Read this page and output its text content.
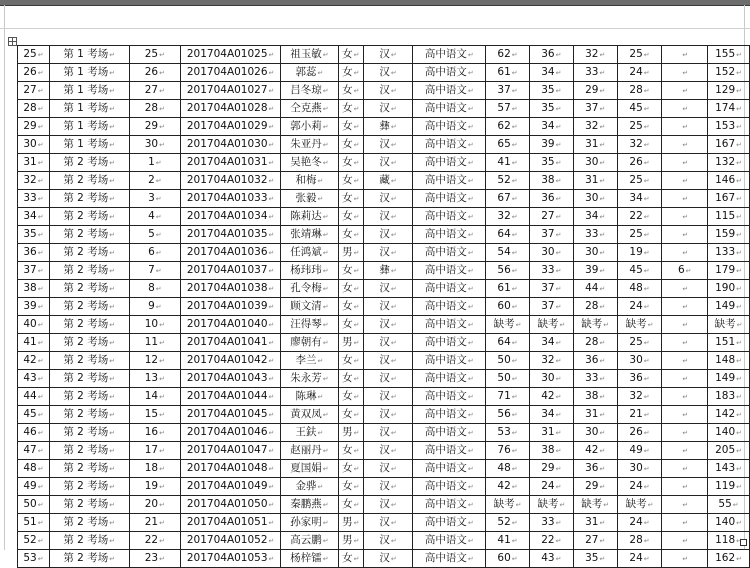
25 ↵	第 1 考场 ↵	25 ↵	201704A01025 ↵	祖玉敏 ↵	女 ↵	汉 ↵	高中语文 ↵	62 ↵	36 ↵	32 ↵	25 ↵	↵	155 ↵
26 ↵	第 1 考场 ↵	26 ↵	201704A01026 ↵	郭蕊 ↵	女 ↵	汉 ↵	高中语文 ↵	61 ↵	34 ↵	33 ↵	24 ↵	↵	152 ↵
27 ↵	第 1 考场 ↵	27 ↵	201704A01027 ↵	吕冬琼 ↵	女 ↵	汉 ↵	高中语文 ↵	37 ↵	35 ↵	29 ↵	28 ↵	↵	129 ↵
28 ↵	第 1 考场 ↵	28 ↵	201704A01028 ↵	仝克燕 ↵	女 ↵	汉 ↵	高中语文 ↵	57 ↵	35 ↵	37 ↵	45 ↵	↵	174 ↵
29 ↵	第 1 考场 ↵	29 ↵	201704A01029 ↵	郭小莉 ↵	女 ↵	彝 ↵	高中语文 ↵	62 ↵	34 ↵	32 ↵	25 ↵	↵	153 ↵
30 ↵	第 1 考场 ↵	30 ↵	201704A01030 ↵	朱亚丹 ↵	女 ↵	汉 ↵	高中语文 ↵	65 ↵	39 ↵	31 ↵	32 ↵	↵	167 ↵
31 ↵	第 2 考场 ↵	1 ↵	201704A01031 ↵	吴艳冬 ↵	女 ↵	汉 ↵	高中语文 ↵	41 ↵	35 ↵	30 ↵	26 ↵	↵	132 ↵
32 ↵	第 2 考场 ↵	2 ↵	201704A01032 ↵	和梅 ↵	女 ↵	藏 ↵	高中语文 ↵	52 ↵	38 ↵	31 ↵	25 ↵	↵	146 ↵
33 ↵	第 2 考场 ↵	3 ↵	201704A01033 ↵	张毅 ↵	女 ↵	汉 ↵	高中语文 ↵	67 ↵	36 ↵	30 ↵	34 ↵	↵	167 ↵
34 ↵	第 2 考场 ↵	4 ↵	201704A01034 ↵	陈莉达 ↵	女 ↵	汉 ↵	高中语文 ↵	32 ↵	27 ↵	34 ↵	22 ↵	↵	115 ↵
35 ↵	第 2 考场 ↵	5 ↵	201704A01035 ↵	张靖琳 ↵	女 ↵	汉 ↵	高中语文 ↵	64 ↵	37 ↵	33 ↵	25 ↵	↵	159 ↵
36 ↵	第 2 考场 ↵	6 ↵	201704A01036 ↵	任鸿斌 ↵	男 ↵	汉 ↵	高中语文 ↵	54 ↵	30 ↵	30 ↵	19 ↵	↵	133 ↵
37 ↵	第 2 考场 ↵	7 ↵	201704A01037 ↵	杨玮玮 ↵	女 ↵	彝 ↵	高中语文 ↵	56 ↵	33 ↵	39 ↵	45 ↵	6 ↵	179 ↵
38 ↵	第 2 考场 ↵	8 ↵	201704A01038 ↵	孔令梅 ↵	女 ↵	汉 ↵	高中语文 ↵	61 ↵	37 ↵	44 ↵	48 ↵	↵	190 ↵
39 ↵	第 2 考场 ↵	9 ↵	201704A01039 ↵	顾文清 ↵	女 ↵	汉 ↵	高中语文 ↵	60 ↵	37 ↵	28 ↵	24 ↵	↵	149 ↵
40 ↵	第 2 考场 ↵	10 ↵	201704A01040 ↵	汪得琴 ↵	女 ↵	汉 ↵	高中语文 ↵	缺考 ↵	缺考 ↵	缺考 ↵	缺考 ↵	↵	缺考 ↵
41 ↵	第 2 考场 ↵	11 ↵	201704A01041 ↵	廖朝有 ↵	男 ↵	汉 ↵	高中语文 ↵	64 ↵	34 ↵	28 ↵	25 ↵	↵	151 ↵
42 ↵	第 2 考场 ↵	12 ↵	201704A01042 ↵	李兰 ↵	女 ↵	汉 ↵	高中语文 ↵	50 ↵	32 ↵	36 ↵	30 ↵	↵	148 ↵
43 ↵	第 2 考场 ↵	13 ↵	201704A01043 ↵	朱永芳 ↵	女 ↵	汉 ↵	高中语文 ↵	50 ↵	30 ↵	33 ↵	36 ↵	↵	149 ↵
44 ↵	第 2 考场 ↵	14 ↵	201704A01044 ↵	陈琳 ↵	女 ↵	汉 ↵	高中语文 ↵	71 ↵	42 ↵	38 ↵	32 ↵	↵	183 ↵
45 ↵	第 2 考场 ↵	15 ↵	201704A01045 ↵	黄双凤 ↵	女 ↵	汉 ↵	高中语文 ↵	56 ↵	34 ↵	31 ↵	21 ↵	↵	142 ↵
46 ↵	第 2 考场 ↵	16 ↵	201704A01046 ↵	王鈇 ↵	男 ↵	汉 ↵	高中语文 ↵	53 ↵	31 ↵	30 ↵	26 ↵	↵	140 ↵
47 ↵	第 2 考场 ↵	17 ↵	201704A01047 ↵	赵丽丹 ↵	女 ↵	汉 ↵	高中语文 ↵	76 ↵	38 ↵	42 ↵	49 ↵	↵	205 ↵
48 ↵	第 2 考场 ↵	18 ↵	201704A01048 ↵	夏国娟 ↵	女 ↵	汉 ↵	高中语文 ↵	48 ↵	29 ↵	36 ↵	30 ↵	↵	143 ↵
49 ↵	第 2 考场 ↵	19 ↵	201704A01049 ↵	金骅 ↵	女 ↵	汉 ↵	高中语文 ↵	42 ↵	24 ↵	29 ↵	24 ↵	↵	119 ↵
50 ↵	第 2 考场 ↵	20 ↵	201704A01050 ↵	秦鹏燕 ↵	女 ↵	汉 ↵	高中语文 ↵	缺考 ↵	缺考 ↵	缺考 ↵	缺考 ↵	↵	55 ↵
51 ↵	第 2 考场 ↵	21 ↵	201704A01051 ↵	孙家明 ↵	男 ↵	汉 ↵	高中语文 ↵	52 ↵	33 ↵	31 ↵	24 ↵	↵	140 ↵
52 ↵	第 2 考场 ↵	22 ↵	201704A01052 ↵	高云鹏 ↵	男 ↵	汉 ↵	高中语文 ↵	41 ↵	22 ↵	27 ↵	28 ↵	↵	118 ↵
53 ↵	第 2 考场 ↵	23 ↵	201704A01053 ↵	杨梓镭 ↵	女 ↵	汉 ↵	高中语文 ↵	60 ↵	43 ↵	35 ↵	24 ↵	↵	162 ↵
